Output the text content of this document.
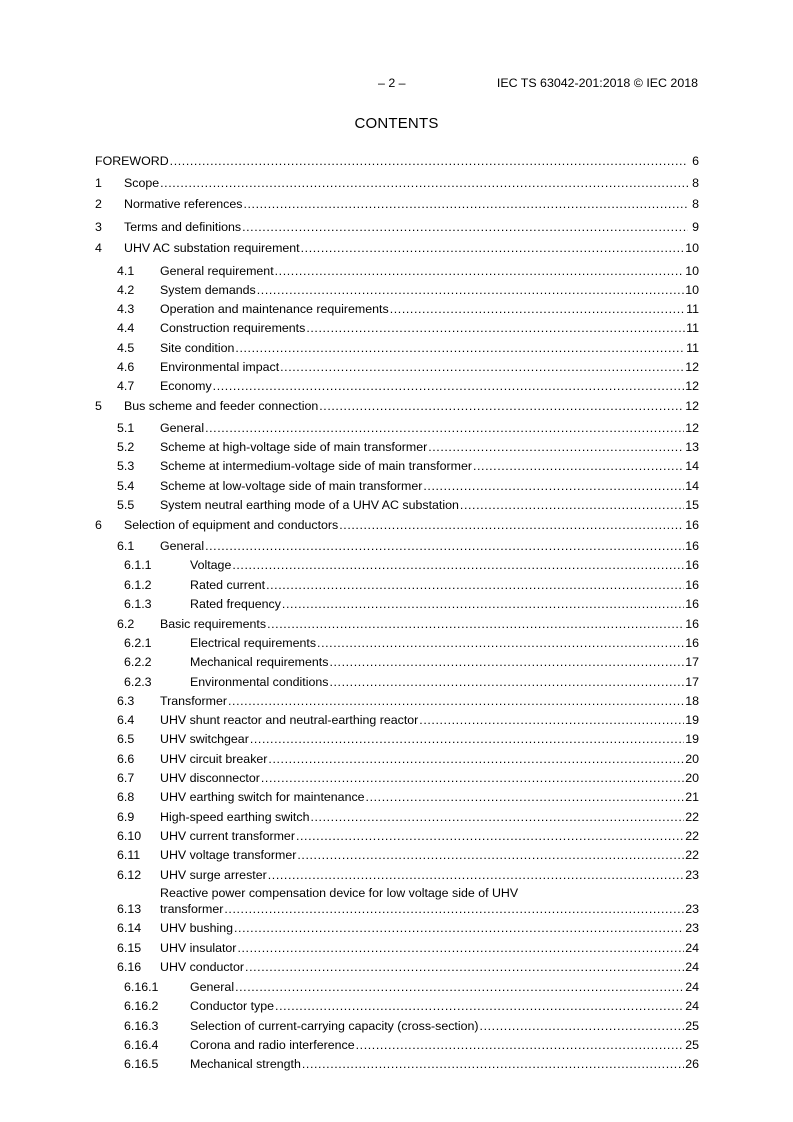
– 2 –	IEC TS 63042-201:2018 © IEC 2018
CONTENTS
FOREWORD .....	6
1 Scope .....	8
2 Normative references .....	8
3 Terms and definitions .....	9
4 UHV AC substation requirement .....	10
4.1 General requirement .....	10
4.2 System demands .....	10
4.3 Operation and maintenance requirements .....	11
4.4 Construction requirements .....	11
4.5 Site condition .....	11
4.6 Environmental impact .....	12
4.7 Economy .....	12
5 Bus scheme and feeder connection .....	12
5.1 General .....	12
5.2 Scheme at high-voltage side of main transformer .....	13
5.3 Scheme at intermedium-voltage side of main transformer .....	14
5.4 Scheme at low-voltage side of main transformer .....	14
5.5 System neutral earthing mode of a UHV AC substation .....	15
6 Selection of equipment and conductors .....	16
6.1 General .....	16
6.1.1	Voltage .....	16
6.1.2	Rated current .....	16
6.1.3	Rated frequency .....	16
6.2 Basic requirements .....	16
6.2.1	Electrical requirements .....	16
6.2.2	Mechanical requirements .....	17
6.2.3	Environmental conditions .....	17
6.3 Transformer .....	18
6.4 UHV shunt reactor and neutral-earthing reactor .....	19
6.5 UHV switchgear .....	19
6.6 UHV circuit breaker .....	20
6.7 UHV disconnector .....	20
6.8 UHV earthing switch for maintenance .....	21
6.9 High-speed earthing switch .....	22
6.10 UHV current transformer .....	22
6.11 UHV voltage transformer .....	22
6.12 UHV surge arrester .....	23
6.13
Reactive power compensation device for low voltage side of UHV
transformer .....	23
6.14 UHV bushing .....	23
6.15 UHV insulator .....	24
6.16 UHV conductor .....	24
6.16.1	General .....	24
6.16.2	Conductor type .....	24
6.16.3	Selection of current-carrying capacity (cross-section) .....	25
6.16.4	Corona and radio interference .....	25
6.16.5	Mechanical strength .....	26
